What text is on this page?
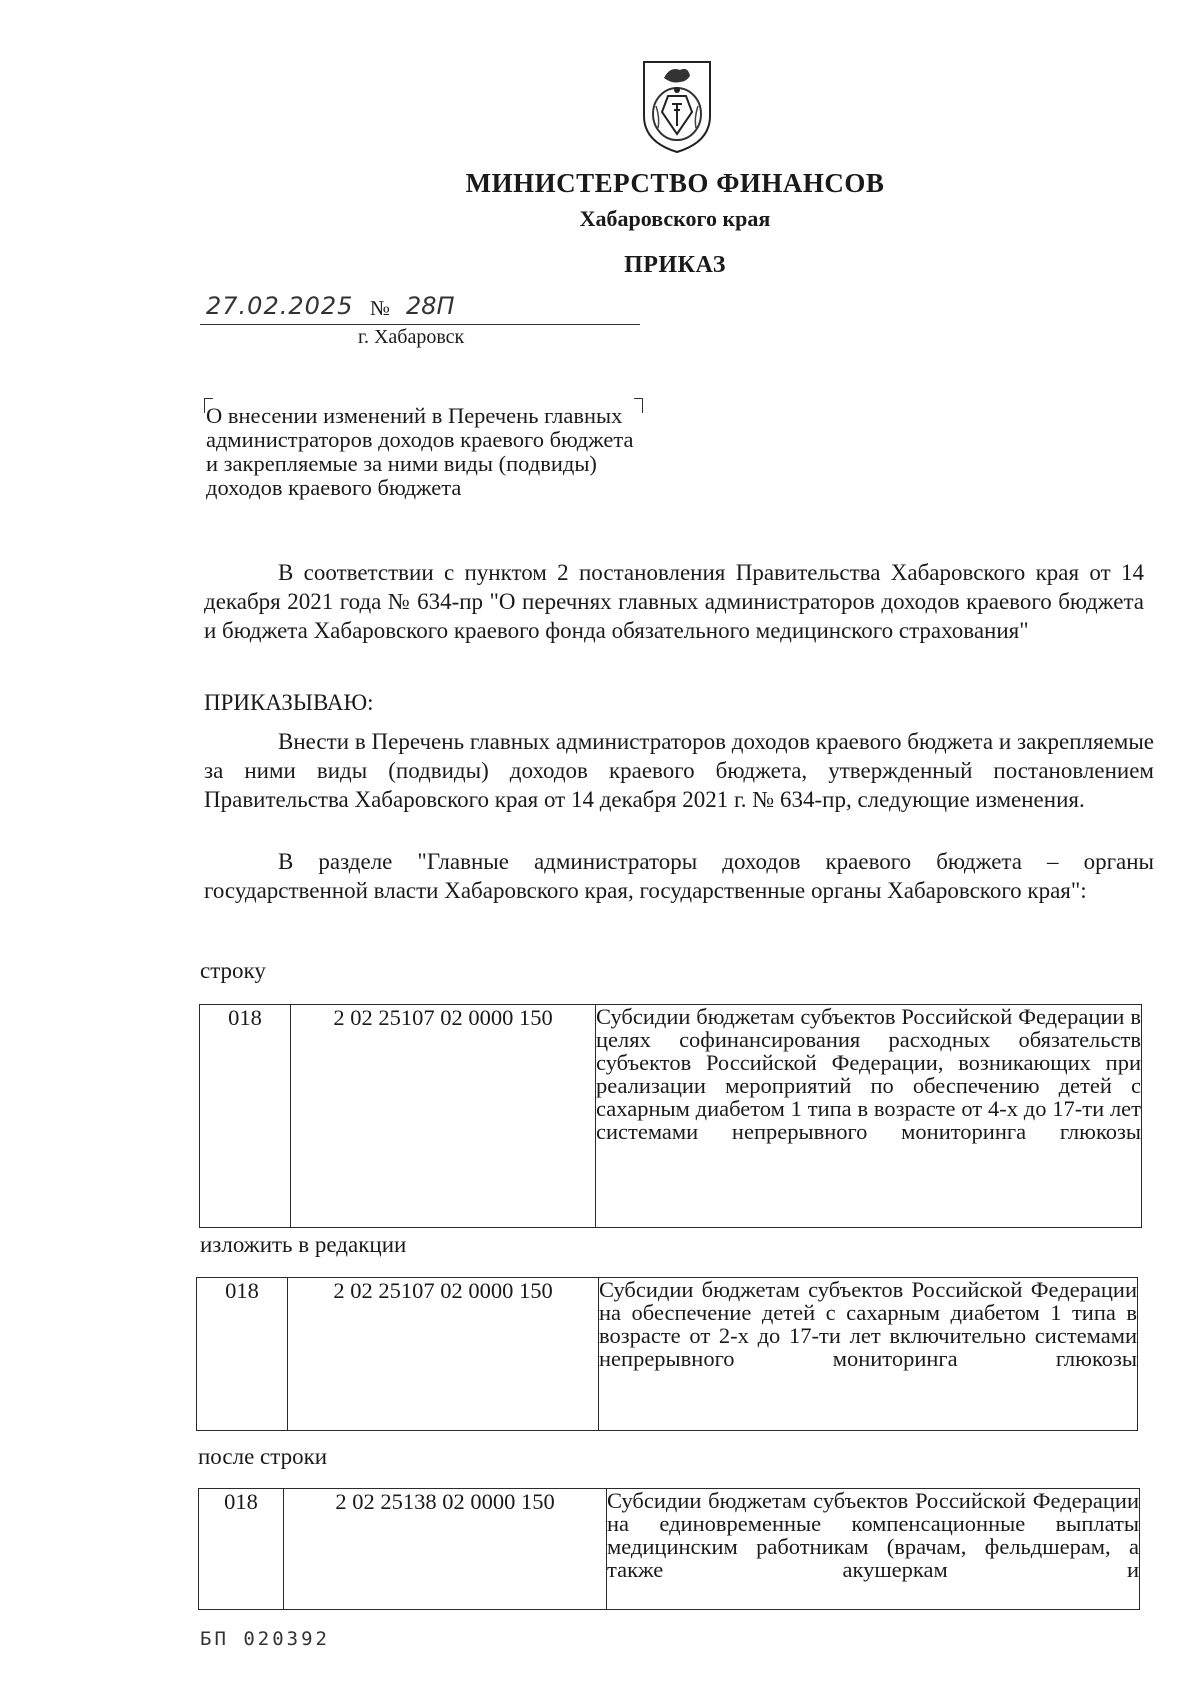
МИНИСТЕРСТВО ФИНАНСОВ
Хабаровского края
ПРИКАЗ
27.02.2025 № 28П
г. Хабаровск
О внесении изменений в Перечень главных администраторов доходов краевого бюджета и закрепляемые за ними виды (подвиды) доходов краевого бюджета
В соответствии с пунктом 2 постановления Правительства Хабаровского края от 14 декабря 2021 года № 634-пр "О перечнях главных администраторов доходов краевого бюджета и бюджета Хабаровского краевого фонда обязательного медицинского страхования"
ПРИКАЗЫВАЮ:
Внести в Перечень главных администраторов доходов краевого бюджета и закрепляемые за ними виды (подвиды) доходов краевого бюджета, утвержденный постановлением Правительства Хабаровского края от 14 декабря 2021 г. № 634-пр, следующие изменения.
В разделе "Главные администраторы доходов краевого бюджета – органы государственной власти Хабаровского края, государственные органы Хабаровского края":
строку
018	2 02 25107 02 0000 150	Субсидии бюджетам субъектов Российской Федерации в целях софинансирования расходных обязательств субъектов Российской Федерации, возникающих при реализации мероприятий по обеспечению детей с сахарным диабетом 1 типа в возрасте от 4-х до 17-ти лет системами непрерывного мониторинга глюкозы
изложить в редакции
018	2 02 25107 02 0000 150	Субсидии бюджетам субъектов Российской Федерации на обеспечение детей с сахарным диабетом 1 типа в возрасте от 2-х до 17-ти лет включительно системами непрерывного мониторинга глюкозы
после строки
018	2 02 25138 02 0000 150	Субсидии бюджетам субъектов Российской Федерации на единовременные компенсационные выплаты медицинским работникам (врачам, фельдшерам, а также акушеркам и
БП 020392
